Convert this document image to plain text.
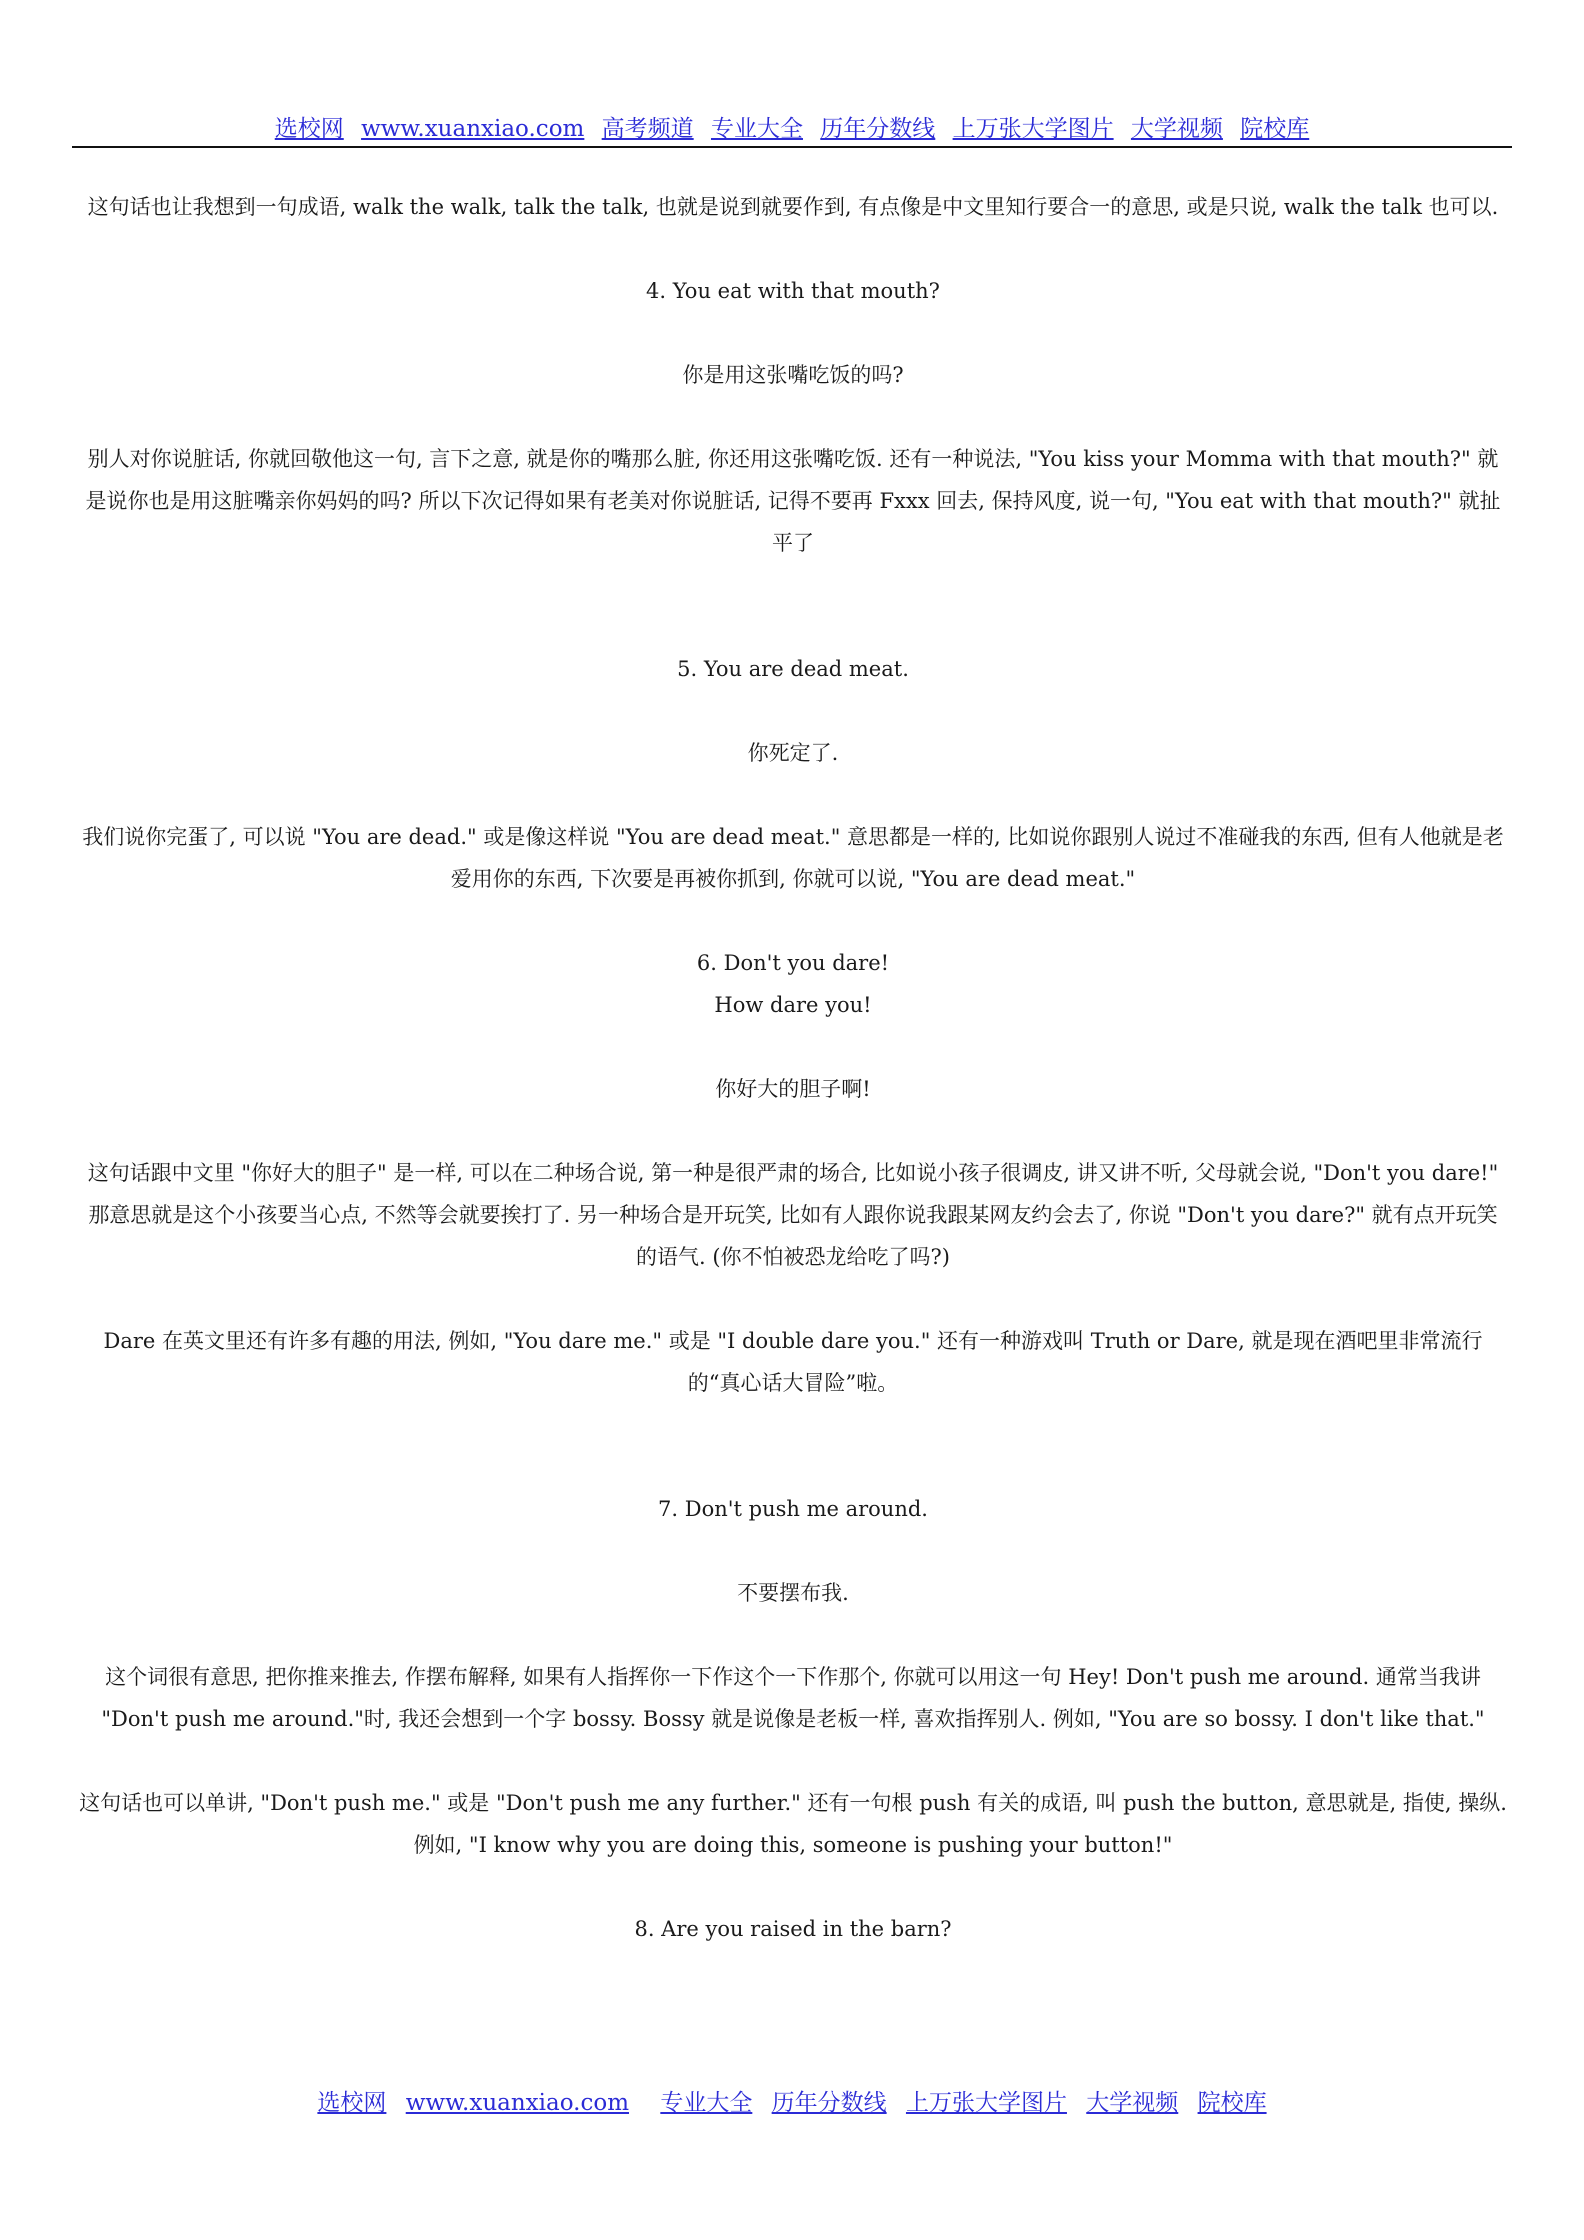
选校网 www.xuanxiao.com 高考频道 专业大全 历年分数线 上万张大学图片 大学视频 院校库

这句话也让我想到一句成语, walk the walk, talk the talk, 也就是说到就要作到, 有点像是中文里知行要合一的意思, 或是只说, walk the talk 也可以.

4. You eat with that mouth?

你是用这张嘴吃饭的吗?

别人对你说脏话, 你就回敬他这一句, 言下之意, 就是你的嘴那么脏, 你还用这张嘴吃饭. 还有一种说法, "You kiss your Momma with that mouth?" 就是说你也是用这脏嘴亲你妈妈的吗? 所以下次记得如果有老美对你说脏话, 记得不要再 Fxxx 回去, 保持风度, 说一句, "You eat with that mouth?" 就扯平了

5. You are dead meat.

你死定了.

我们说你完蛋了, 可以说 "You are dead." 或是像这样说 "You are dead meat." 意思都是一样的, 比如说你跟别人说过不准碰我的东西, 但有人他就是老爱用你的东西, 下次要是再被你抓到, 你就可以说, "You are dead meat."

6. Don't you dare!

How dare you!

你好大的胆子啊!

这句话跟中文里 "你好大的胆子" 是一样, 可以在二种场合说, 第一种是很严肃的场合, 比如说小孩子很调皮, 讲又讲不听, 父母就会说, "Don't you dare!" 那意思就是这个小孩要当心点, 不然等会就要挨打了. 另一种场合是开玩笑, 比如有人跟你说我跟某网友约会去了, 你说 "Don't you dare?" 就有点开玩笑的语气. (你不怕被恐龙给吃了吗?)

Dare 在英文里还有许多有趣的用法, 例如, "You dare me." 或是 "I double dare you." 还有一种游戏叫 Truth or Dare, 就是现在酒吧里非常流行的“真心话大冒险”啦。

7. Don't push me around.

不要摆布我.

这个词很有意思, 把你推来推去, 作摆布解释, 如果有人指挥你一下作这个一下作那个, 你就可以用这一句 Hey! Don't push me around. 通常当我讲 "Don't push me around."时, 我还会想到一个字 bossy. Bossy 就是说像是老板一样, 喜欢指挥别人. 例如, "You are so bossy. I don't like that."

这句话也可以单讲, "Don't push me." 或是 "Don't push me any further." 还有一句根 push 有关的成语, 叫 push the button, 意思就是, 指使, 操纵. 例如, "I know why you are doing this, someone is pushing your button!"

8. Are you raised in the barn?

选校网 www.xuanxiao.com 专业大全 历年分数线 上万张大学图片 大学视频 院校库
